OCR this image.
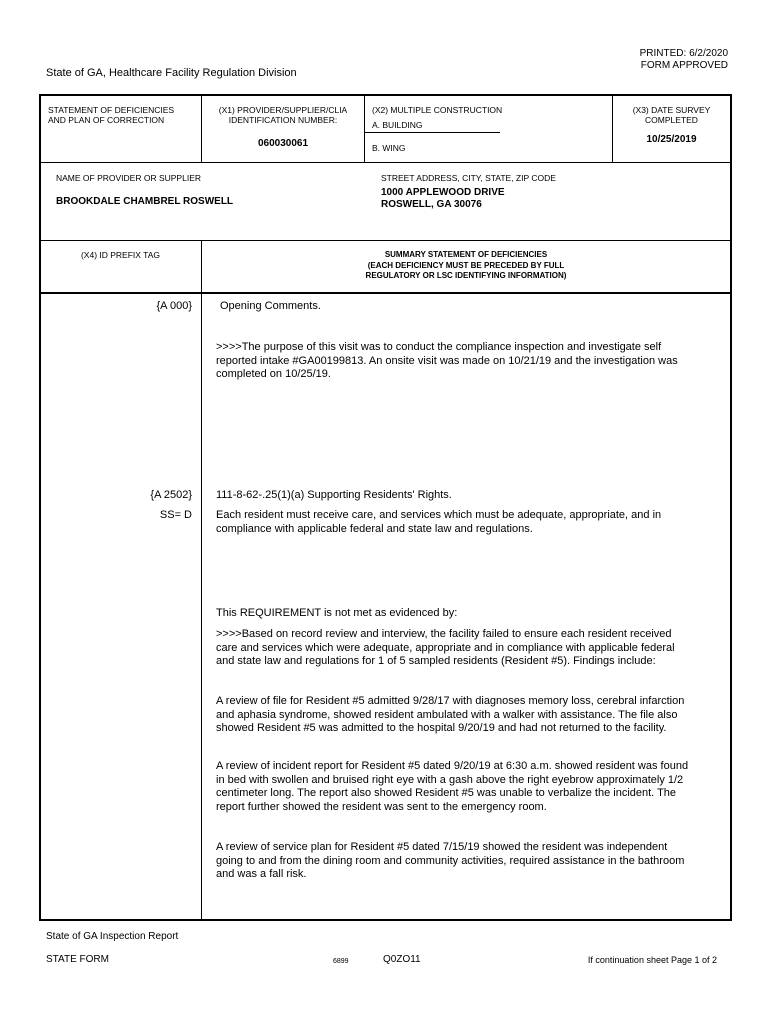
PRINTED: 6/2/2020
FORM APPROVED
State of GA, Healthcare Facility Regulation Division
STATEMENT OF DEFICIENCIES
AND PLAN OF CORRECTION
(X1) PROVIDER/SUPPLIER/CLIA
IDENTIFICATION NUMBER:
060030061
(X2) MULTIPLE CONSTRUCTION
A. BUILDING
B. WING
(X3) DATE SURVEY
COMPLETED
10/25/2019
NAME OF PROVIDER OR SUPPLIER
BROOKDALE CHAMBREL ROSWELL
STREET ADDRESS, CITY, STATE, ZIP CODE
1000 APPLEWOOD DRIVE
ROSWELL, GA 30076
(X4) ID PREFIX TAG	SUMMARY STATEMENT OF DEFICIENCIES
(EACH DEFICIENCY MUST BE PRECEDED BY FULL
REGULATORY OR LSC IDENTIFYING INFORMATION)
{A 000}	Opening Comments.
>>>>The purpose of this visit was to conduct the compliance inspection and investigate self
reported intake #GA00199813. An onsite visit was made on 10/21/19 and the investigation was
completed on 10/25/19.
{A 2502} 111-8-62-.25(1)(a) Supporting Residents' Rights.
SS= D Each resident must receive care, and services which must be adequate, appropriate, and in
compliance with applicable federal and state law and regulations.
This REQUIREMENT is not met as evidenced by:
>>>>Based on record review and interview, the facility failed to ensure each resident received
care and services which were adequate, appropriate and in compliance with applicable federal
and state law and regulations for 1 of 5 sampled residents (Resident #5). Findings include:
A review of file for Resident #5 admitted 9/28/17 with diagnoses memory loss, cerebral infarction
and aphasia syndrome, showed resident ambulated with a walker with assistance. The file also
showed Resident #5 was admitted to the hospital 9/20/19 and had not returned to the facility.
A review of incident report for Resident #5 dated 9/20/19 at 6:30 a.m. showed resident was found
in bed with swollen and bruised right eye with a gash above the right eyebrow approximately 1/2
centimeter long. The report also showed Resident #5 was unable to verbalize the incident. The
report further showed the resident was sent to the emergency room.
A review of service plan for Resident #5 dated 7/15/19 showed the resident was independent
going to and from the dining room and community activities, required assistance in the bathroom
and was a fall risk.
State of GA Inspection Report
STATE FORM	6899	Q0ZO11	If continuation sheet Page 1 of 2
